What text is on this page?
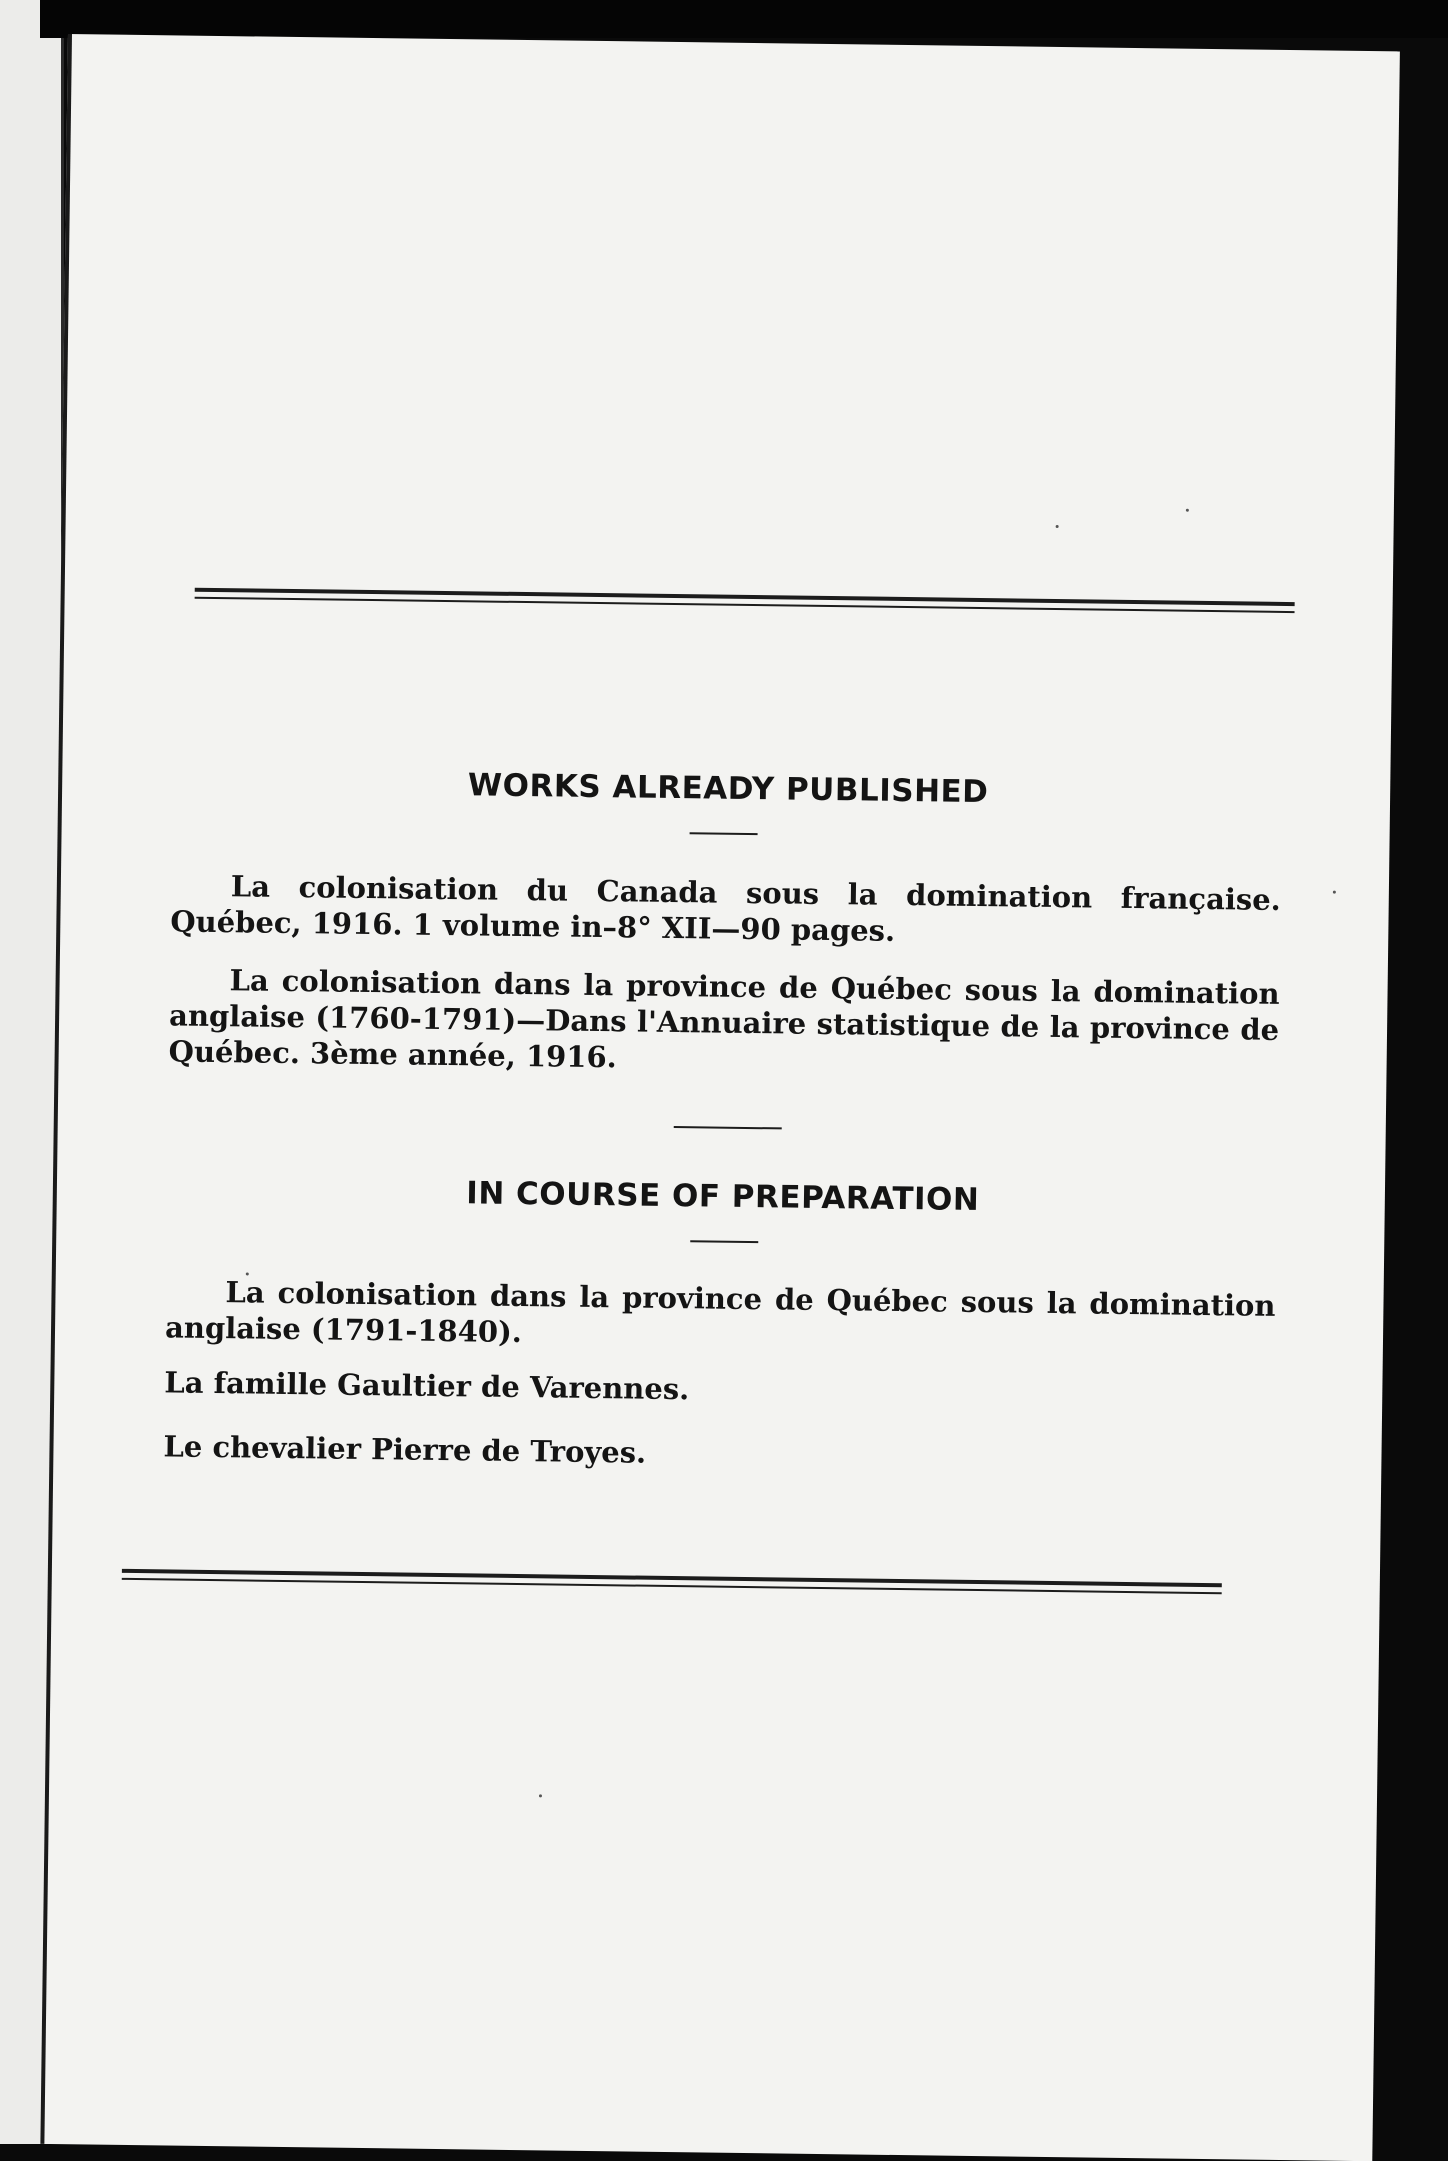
WORKS ALREADY PUBLISHED
La colonisation du Canada sous la domination française. Québec, 1916. 1 volume in–8° XII—90 pages.
La colonisation dans la province de Québec sous la domination anglaise (1760-1791)—Dans l'Annuaire statistique de la province de Québec. 3ème année, 1916.
IN COURSE OF PREPARATION
La colonisation dans la province de Québec sous la domination anglaise (1791-1840).
La famille Gaultier de Varennes.
Le chevalier Pierre de Troyes.
